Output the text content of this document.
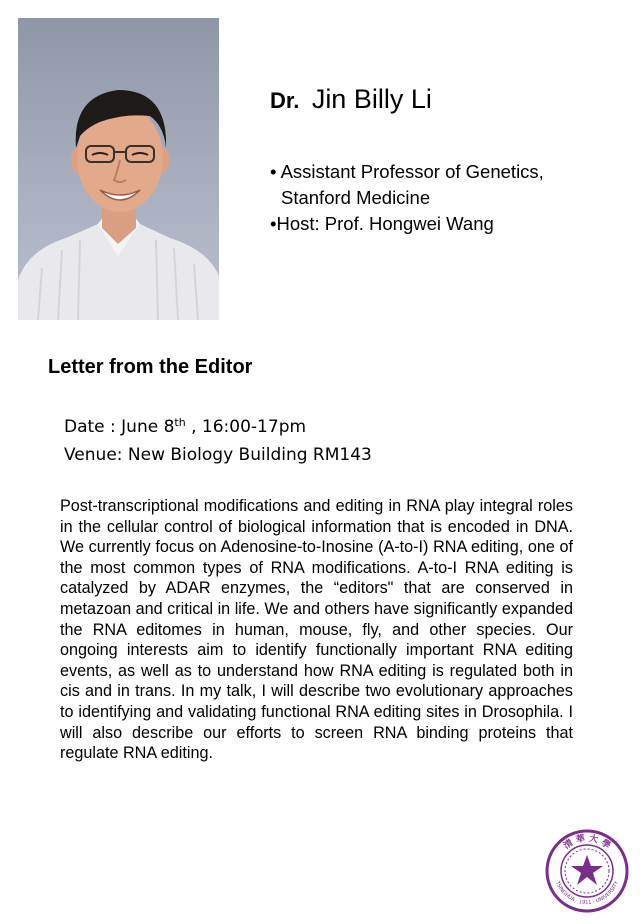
Dr. Jin Billy Li
• Assistant Professor of Genetics,
Stanford Medicine
•Host: Prof. Hongwei Wang
Letter from the Editor
Date : June 8th , 16:00-17pm
Venue: New Biology Building RM143
Post-transcriptional modifications and editing in RNA play integral roles in the cellular control of biological information that is encoded in DNA. We currently focus on Adenosine-to-Inosine (A-to-I) RNA editing, one of the most common types of RNA modifications. A-to-I RNA editing is catalyzed by ADAR enzymes, the “editors" that are conserved in metazoan and critical in life. We and others have significantly expanded the RNA editomes in human, mouse, fly, and other species. Our ongoing interests aim to identify functionally important RNA editing events, as well as to understand how RNA editing is regulated both in cis and in trans. In my talk, I will describe two evolutionary approaches to identifying and validating functional RNA editing sites in Drosophila. I will also describe our efforts to screen RNA binding proteins that regulate RNA editing.
清 華 大 學
TSINGHUA · 1911 · UNIVERSITY
